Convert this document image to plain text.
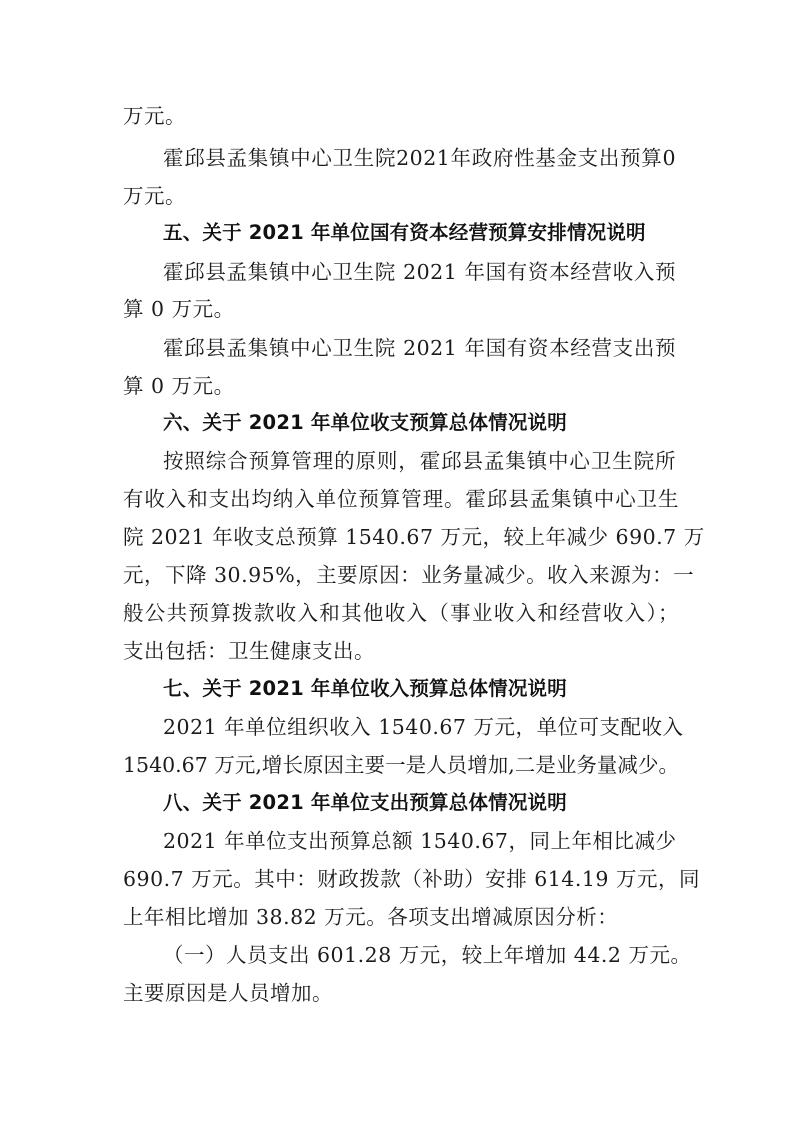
万元。
霍邱县孟集镇中心卫生院2021年政府性基金支出预算0
万元。
五、关于 2021 年单位国有资本经营预算安排情况说明
霍邱县孟集镇中心卫生院 2021 年国有资本经营收入预
算 0 万元。
霍邱县孟集镇中心卫生院 2021 年国有资本经营支出预
算 0 万元。
六、关于 2021 年单位收支预算总体情况说明
按照综合预算管理的原则，霍邱县孟集镇中心卫生院所
有收入和支出均纳入单位预算管理。霍邱县孟集镇中心卫生
院 2021 年收支总预算 1540.67 万元，较上年减少 690.7 万
元，下降 30.95%，主要原因：业务量减少。收入来源为：一
般公共预算拨款收入和其他收入（事业收入和经营收入）；
支出包括：卫生健康支出。
七、关于 2021 年单位收入预算总体情况说明
2021 年单位组织收入 1540.67 万元，单位可支配收入
1540.67 万元,增长原因主要一是人员增加,二是业务量减少。
八、关于 2021 年单位支出预算总体情况说明
2021 年单位支出预算总额 1540.67，同上年相比减少
690.7 万元。其中：财政拨款（补助）安排 614.19 万元，同
上年相比增加 38.82 万元。各项支出增减原因分析：
（一）人员支出 601.28 万元，较上年增加 44.2 万元。
主要原因是人员增加。
